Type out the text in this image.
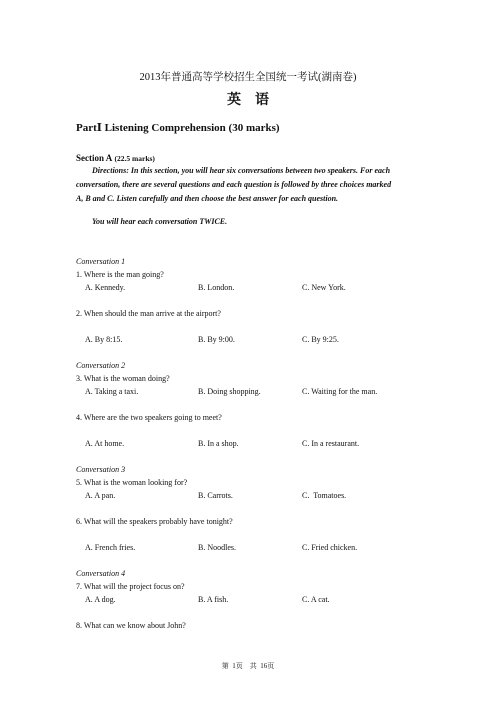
2013年普通高等学校招生全国统一考试(湖南卷)
英　语
PartⅠ Listening Comprehension (30 marks)
Section A (22.5 marks)
Directions: In this section, you will hear six conversations between two speakers. For each
conversation, there are several questions and each question is followed by three choices marked
A, B and C. Listen carefully and then choose the best answer for each question.
You will hear each conversation TWICE.
Conversation 1
1. Where is the man going?
A. Kennedy.	B. London.	C. New York.
2. When should the man arrive at the airport?
A. By 8:15.	B. By 9:00.	C. By 9:25.
Conversation 2
3. What is the woman doing?
A. Taking a taxi.	B. Doing shopping.	C. Waiting for the man.
4. Where are the two speakers going to meet?
A. At home.	B. In a shop.	C. In a restaurant.
Conversation 3
5. What is the woman looking for?
A. A pan.	B. Carrots.	C.  Tomatoes.
6. What will the speakers probably have tonight?
A. French fries.	B. Noodles.	C. Fried chicken.
Conversation 4
7. What will the project focus on?
A. A dog.	B. A fish.	C. A cat.
8. What can we know about John?
第  1页    共  16页
